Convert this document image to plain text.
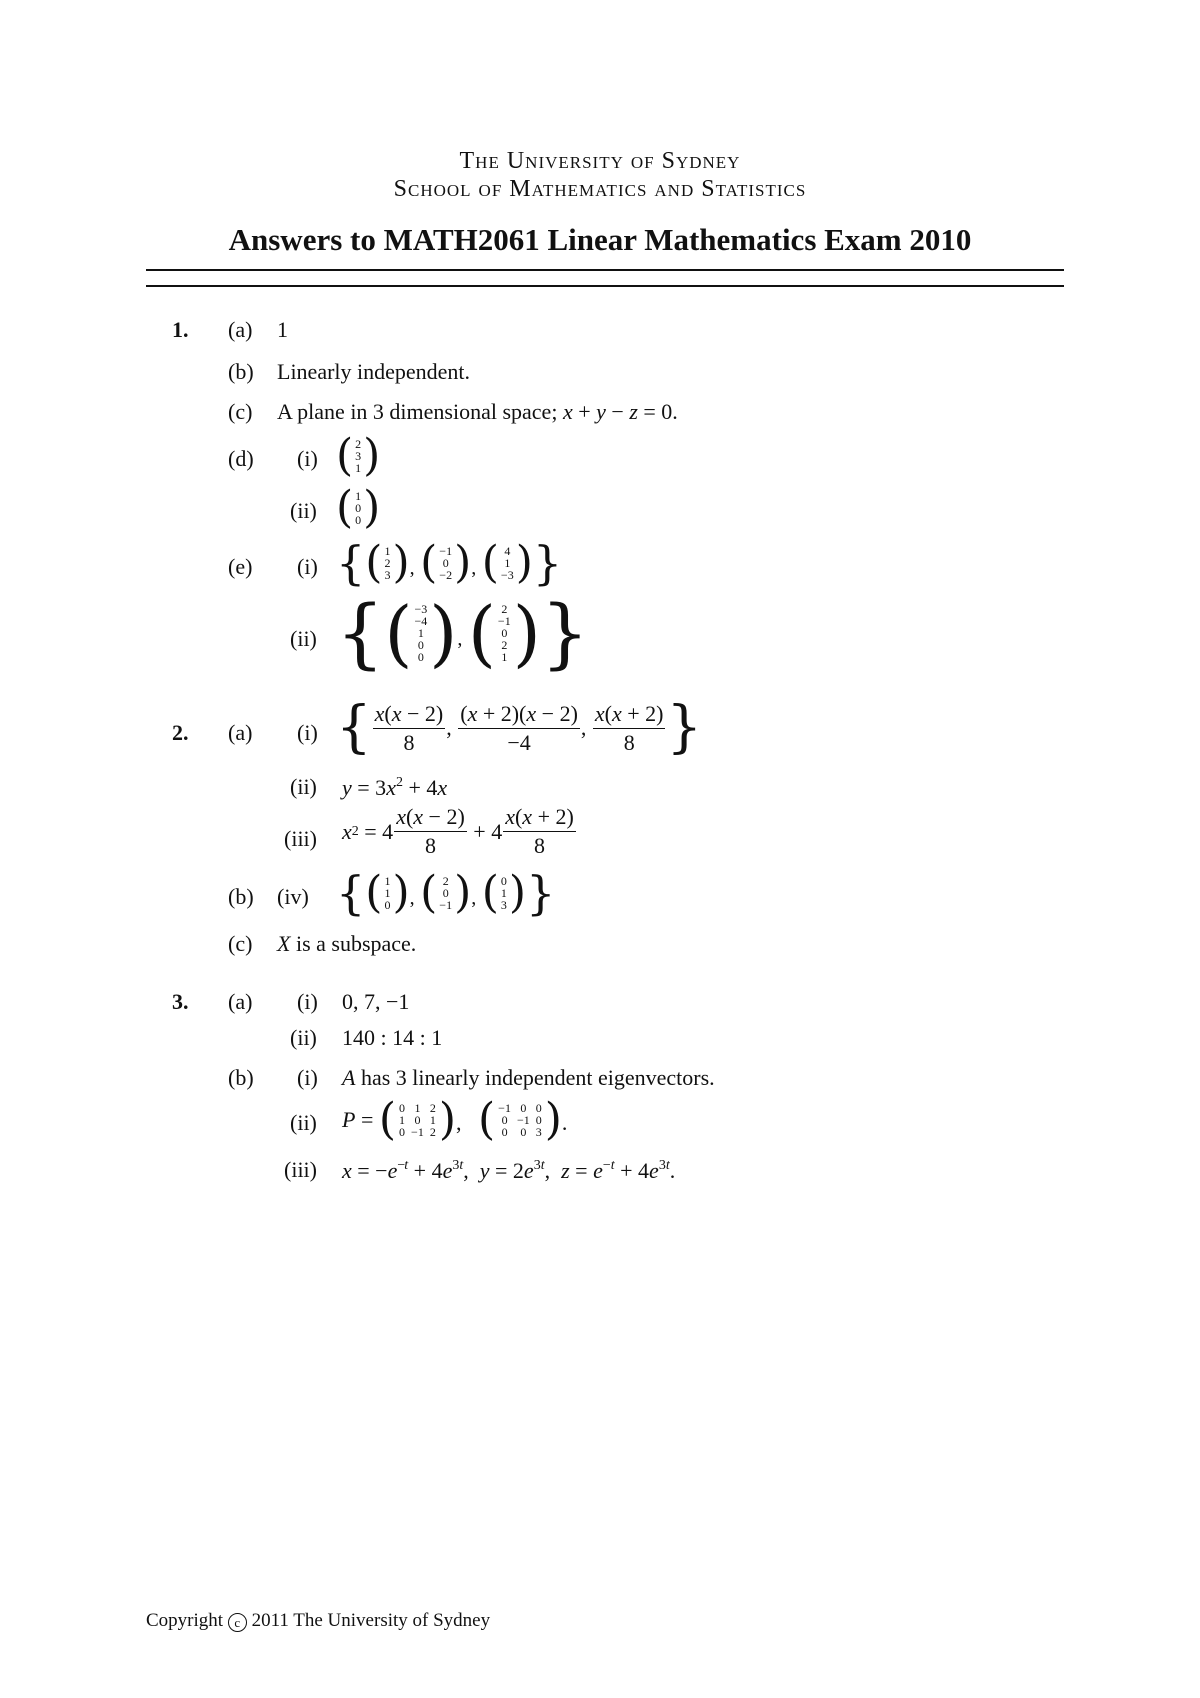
The University of Sydney
School of Mathematics and Statistics
Answers to MATH2061 Linear Mathematics Exam 2010
1. (a) 1
(b) Linearly independent.
(c) A plane in 3 dimensional space; x + y − z = 0.
(d) (i) ( 2
3
1 )
(ii) ( 1
0
0 )
(e) (i) { ( 1
2
3 ) ,
( −1
0
−2 ) ,
( 4
1
−3 ) }
(ii) { ( −3
−4
1
0
0 ) ,
( 2
−1
0
2
1 ) }
2. (a) (i) { $\frac{x(x - 2)}{8}$ , $\frac{(x + 2)(x - 2)}{-4}$ , $\frac{x(x + 2)}{8}$ }
(ii) $y = 3x^2 + 4x$
(iii) x $2 = 4 \frac{x(x - 2)}{8} + 4 \frac{x(x + 2)}{8}$
(b) (iv) { ( 1
1
0 ) ,
( 2
0
−1 ) ,
( 0
1
3 ) }
(c) X is a subspace.
3. (a) (i) 0, 7, −1
(ii) 140 : 14 : 1
(b) (i) A has 3 linearly independent eigenvectors.
(ii) P = ( 0 1 2
1 0 1
0 −1 2 ) ,
( −1 0 0
0 −1 0
0 0 3 ) .
(iii) $x = -e^{-t} + 4e^{3t}$,  $y = 2e^{3t}$,  $z = e^{-t} + 4e^{3t}$.
Copyright c 2011 The University of Sydney
